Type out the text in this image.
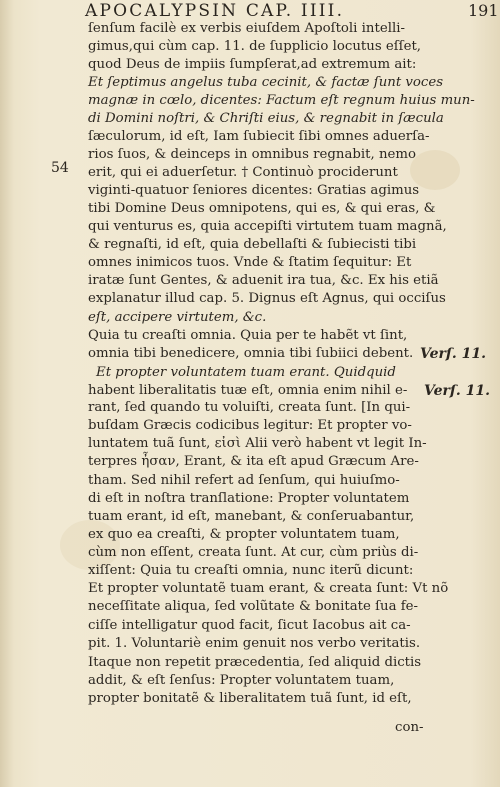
APOCALYPSIN CAP. IIII.	191
ſenſum facilè ex verbis eiuſdem Apoſtoli intelli-
gimus,qui cùm cap. 11. de ſupplicio locutus eſſet,
quod Deus de impiis ſumpſerat,ad extremum ait:
Et ſeptimus angelus tuba cecinit, & factæ ſunt voces
magnæ in cœlo, dicentes: Factum eſt regnum huius mun-
di Domini noſtri, & Chriſti eius, & regnabit in ſæcula
ſæculorum, id eſt, Iam ſubiecit ſibi omnes aduerſa-
rios ſuos, & deinceps in omnibus regnabit, nemo
erit, qui ei aduerſetur. † Continuò prociderunt
viginti-quatuor ſeniores dicentes: Gratias agimus
tibi Domine Deus omnipotens, qui es, & qui eras, &
qui venturus es, quia accepiſti virtutem tuam magnã,
& regnaſti, id eſt, quia debellaſti & ſubiecisti tibi
omnes inimicos tuos. Vnde & ſtatim ſequitur: Et
iratæ ſunt Gentes, & aduenit ira tua, &c. Ex his etiã
explanatur illud cap. 5. Dignus eſt Agnus, qui occiſus
eſt, accipere virtutem, &c.
Quia tu creaſti omnia. Quia per te habẽt vt ſint,
omnia tibi benedicere, omnia tibi ſubiici debent.
Et propter voluntatem tuam erant. Quidquid
habent liberalitatis tuæ eſt, omnia enim nihil e-
rant, ſed quando tu voluiſti, creata ſunt. [In qui-
buſdam Græcis codicibus legitur: Et propter vo-
luntatem tuã ſunt, εἰσὶ Alii verò habent vt legit In-
terpres ἦσαν, Erant, & ita eſt apud Græcum Are-
tham. Sed nihil refert ad ſenſum, qui huiuſmo-
di eſt in noſtra tranſlatione: Propter voluntatem
tuam erant, id eſt, manebant, & conſeruabantur,
ex quo ea creaſti, & propter voluntatem tuam,
cùm non eſſent, creata ſunt. At cur, cùm priùs di-
xiſſent: Quia tu creaſti omnia, nunc iterũ dicunt:
Et propter voluntatẽ tuam erant, & creata ſunt: Vt nõ
neceſſitate aliqua, ſed volũtate & bonitate ſua fe-
ciſſe intelligatur quod facit, ſicut Iacobus ait ca-
pit. 1. Voluntariè enim genuit nos verbo veritatis.
Itaque non repetit præcedentia, ſed aliquid dictis
addit, & eſt ſenſus: Propter voluntatem tuam,
propter bonitatẽ & liberalitatem tuã ſunt, id eſt,
54
Verſ. 11.
Verſ. 11.
con-
